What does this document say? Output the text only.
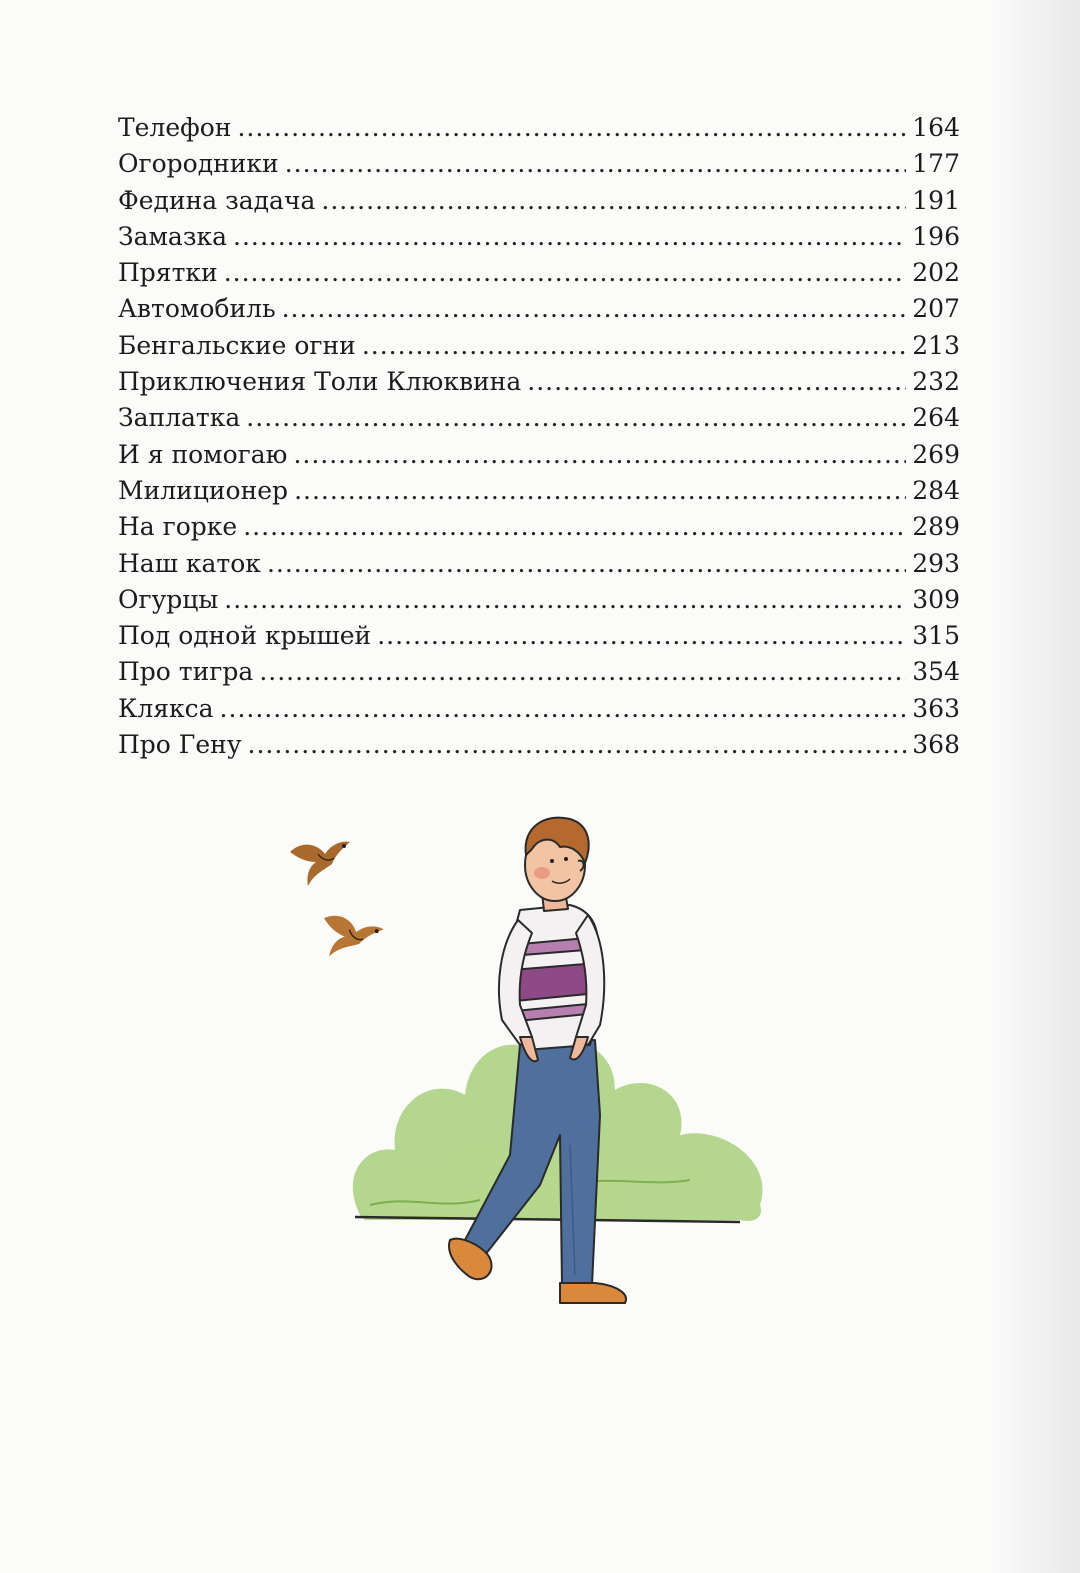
Телефон .....	164
Огородники .....	177
Федина задача .....	191
Замазка .....	196
Прятки .....	202
Автомобиль .....	207
Бенгальские огни .....	213
Приключения Толи Клюквина .....	232
Заплатка .....	264
И я помогаю .....	269
Милиционер .....	284
На горке .....	289
Наш каток .....	293
Огурцы .....	309
Под одной крышей .....	315
Про тигра .....	354
Клякса .....	363
Про Гену .....	368
